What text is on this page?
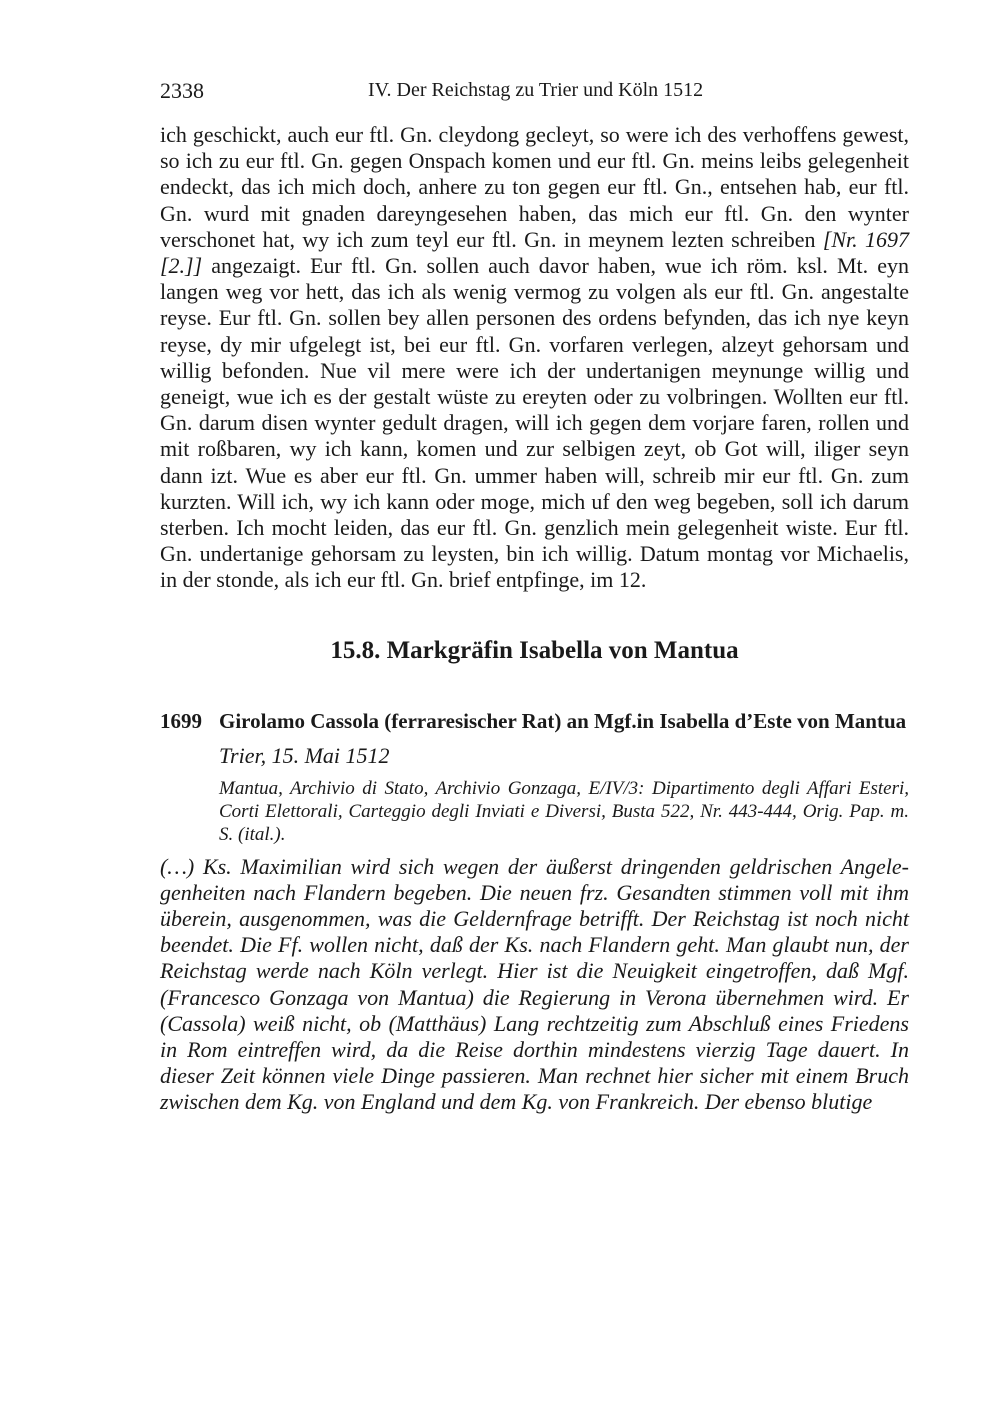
2338	IV. Der Reichstag zu Trier und Köln 1512

ich geschickt, auch eur ftl. Gn. cleydong gecleyt, so were ich des verhoffens gewest, so ich zu eur ftl. Gn. gegen Onspach komen und eur ftl. Gn. meins leibs gelegenheit endeckt, das ich mich doch, anhere zu ton gegen eur ftl. Gn., entsehen hab, eur ftl. Gn. wurd mit gnaden dareyngesehen haben, das mich eur ftl. Gn. den wynter verschonet hat, wy ich zum teyl eur ftl. Gn. in meynem lezten schreiben [Nr. 1697 [2.]] angezaigt. Eur ftl. Gn. sollen auch davor haben, wue ich röm. ksl. Mt. eyn langen weg vor hett, das ich als wenig vermog zu volgen als eur ftl. Gn. angestalte reyse. Eur ftl. Gn. sollen bey allen personen des ordens befynden, das ich nye keyn reyse, dy mir ufgelegt ist, bei eur ftl. Gn. vorfaren verlegen, alzeyt gehorsam und willig befonden. Nue vil mere were ich der undertanigen meynunge willig und geneigt, wue ich es der gestalt wüste zu ereyten oder zu volbringen. Wollten eur ftl. Gn. darum disen wynter gedult dragen, will ich gegen dem vorjare faren, rollen und mit roßbaren, wy ich kann, komen und zur selbigen zeyt, ob Got will, iliger seyn dann izt. Wue es aber eur ftl. Gn. ummer haben will, schreib mir eur ftl. Gn. zum kurzten. Will ich, wy ich kann oder moge, mich uf den weg begeben, soll ich darum sterben. Ich mocht leiden, das eur ftl. Gn. genzlich mein gelegenheit wiste. Eur ftl. Gn. undertanige gehorsam zu leysten, bin ich willig. Datum montag vor Michaelis, in der stonde, als ich eur ftl. Gn. brief entpfinge, im 12.

15.8. Markgräfin Isabella von Mantua
1699 Girolamo Cassola (ferraresischer Rat) an Mgf.in Isabella d’Este von Mantua
Trier, 15. Mai 1512
Mantua, Archivio di Stato, Archivio Gonzaga, E/IV/3: Dipartimento degli Affari Esteri, Corti Elettorali, Carteggio degli Inviati e Diversi, Busta 522, Nr. 443-444, Orig. Pap. m. S. (ital.).

(…) Ks. Maximilian wird sich wegen der äußerst dringenden geldrischen Angelegenheiten nach Flandern begeben. Die neuen frz. Gesandten stimmen voll mit ihm überein, ausgenommen, was die Geldernfrage betrifft. Der Reichstag ist noch nicht beendet. Die Ff. wollen nicht, daß der Ks. nach Flandern geht. Man glaubt nun, der Reichstag werde nach Köln verlegt. Hier ist die Neuigkeit eingetroffen, daß Mgf. (Francesco Gonzaga von Mantua) die Regierung in Verona übernehmen wird. Er (Cassola) weiß nicht, ob (Matthäus) Lang rechtzeitig zum Abschluß eines Friedens in Rom eintreffen wird, da die Reise dorthin mindestens vierzig Tage dauert. In dieser Zeit können viele Dinge passieren. Man rechnet hier sicher mit einem Bruch zwischen dem Kg. von England und dem Kg. von Frankreich. Der ebenso blutige
